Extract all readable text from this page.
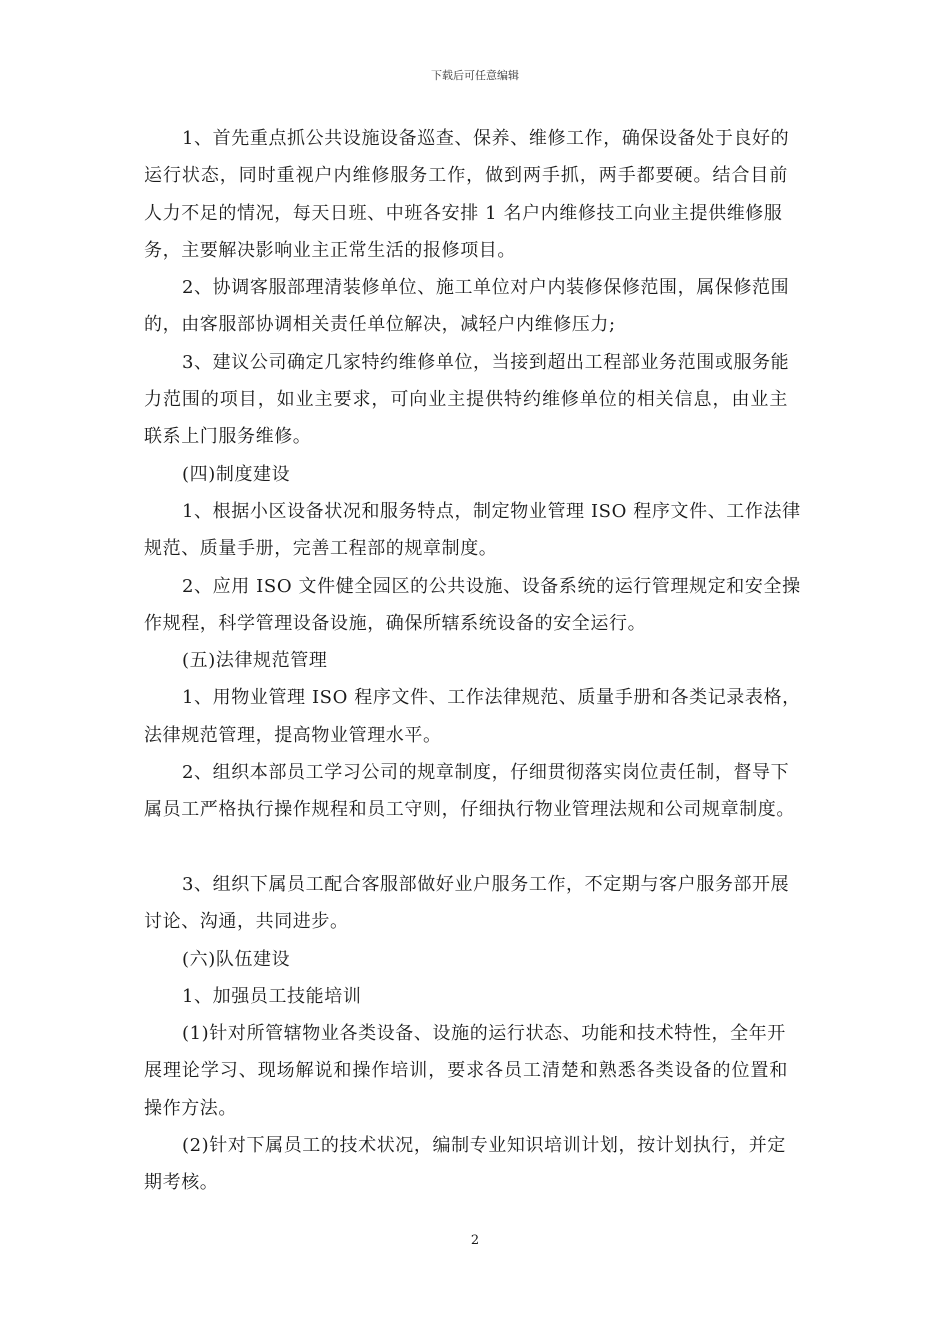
下载后可任意编辑
1、首先重点抓公共设施设备巡查、保养、维修工作，确保设备处于良好的
运行状态，同时重视户内维修服务工作，做到两手抓，两手都要硬。结合目前
人力不足的情况，每天日班、中班各安排 1 名户内维修技工向业主提供维修服
务，主要解决影响业主正常生活的报修项目。
2、协调客服部理清装修单位、施工单位对户内装修保修范围，属保修范围
的，由客服部协调相关责任单位解决，减轻户内维修压力;
3、建议公司确定几家特约维修单位，当接到超出工程部业务范围或服务能
力范围的项目，如业主要求，可向业主提供特约维修单位的相关信息，由业主
联系上门服务维修。
(四)制度建设
1、根据小区设备状况和服务特点，制定物业管理 ISO 程序文件、工作法律
规范、质量手册，完善工程部的规章制度。
2、应用 ISO 文件健全园区的公共设施、设备系统的运行管理规定和安全操
作规程，科学管理设备设施，确保所辖系统设备的安全运行。
(五)法律规范管理
1、用物业管理 ISO 程序文件、工作法律规范、质量手册和各类记录表格，
法律规范管理，提高物业管理水平。
2、组织本部员工学习公司的规章制度，仔细贯彻落实岗位责任制，督导下
属员工严格执行操作规程和员工守则，仔细执行物业管理法规和公司规章制度。
3、组织下属员工配合客服部做好业户服务工作，不定期与客户服务部开展
讨论、沟通，共同进步。
(六)队伍建设
1、加强员工技能培训
(1)针对所管辖物业各类设备、设施的运行状态、功能和技术特性，全年开
展理论学习、现场解说和操作培训，要求各员工清楚和熟悉各类设备的位置和
操作方法。
(2)针对下属员工的技术状况，编制专业知识培训计划，按计划执行，并定
期考核。
2
